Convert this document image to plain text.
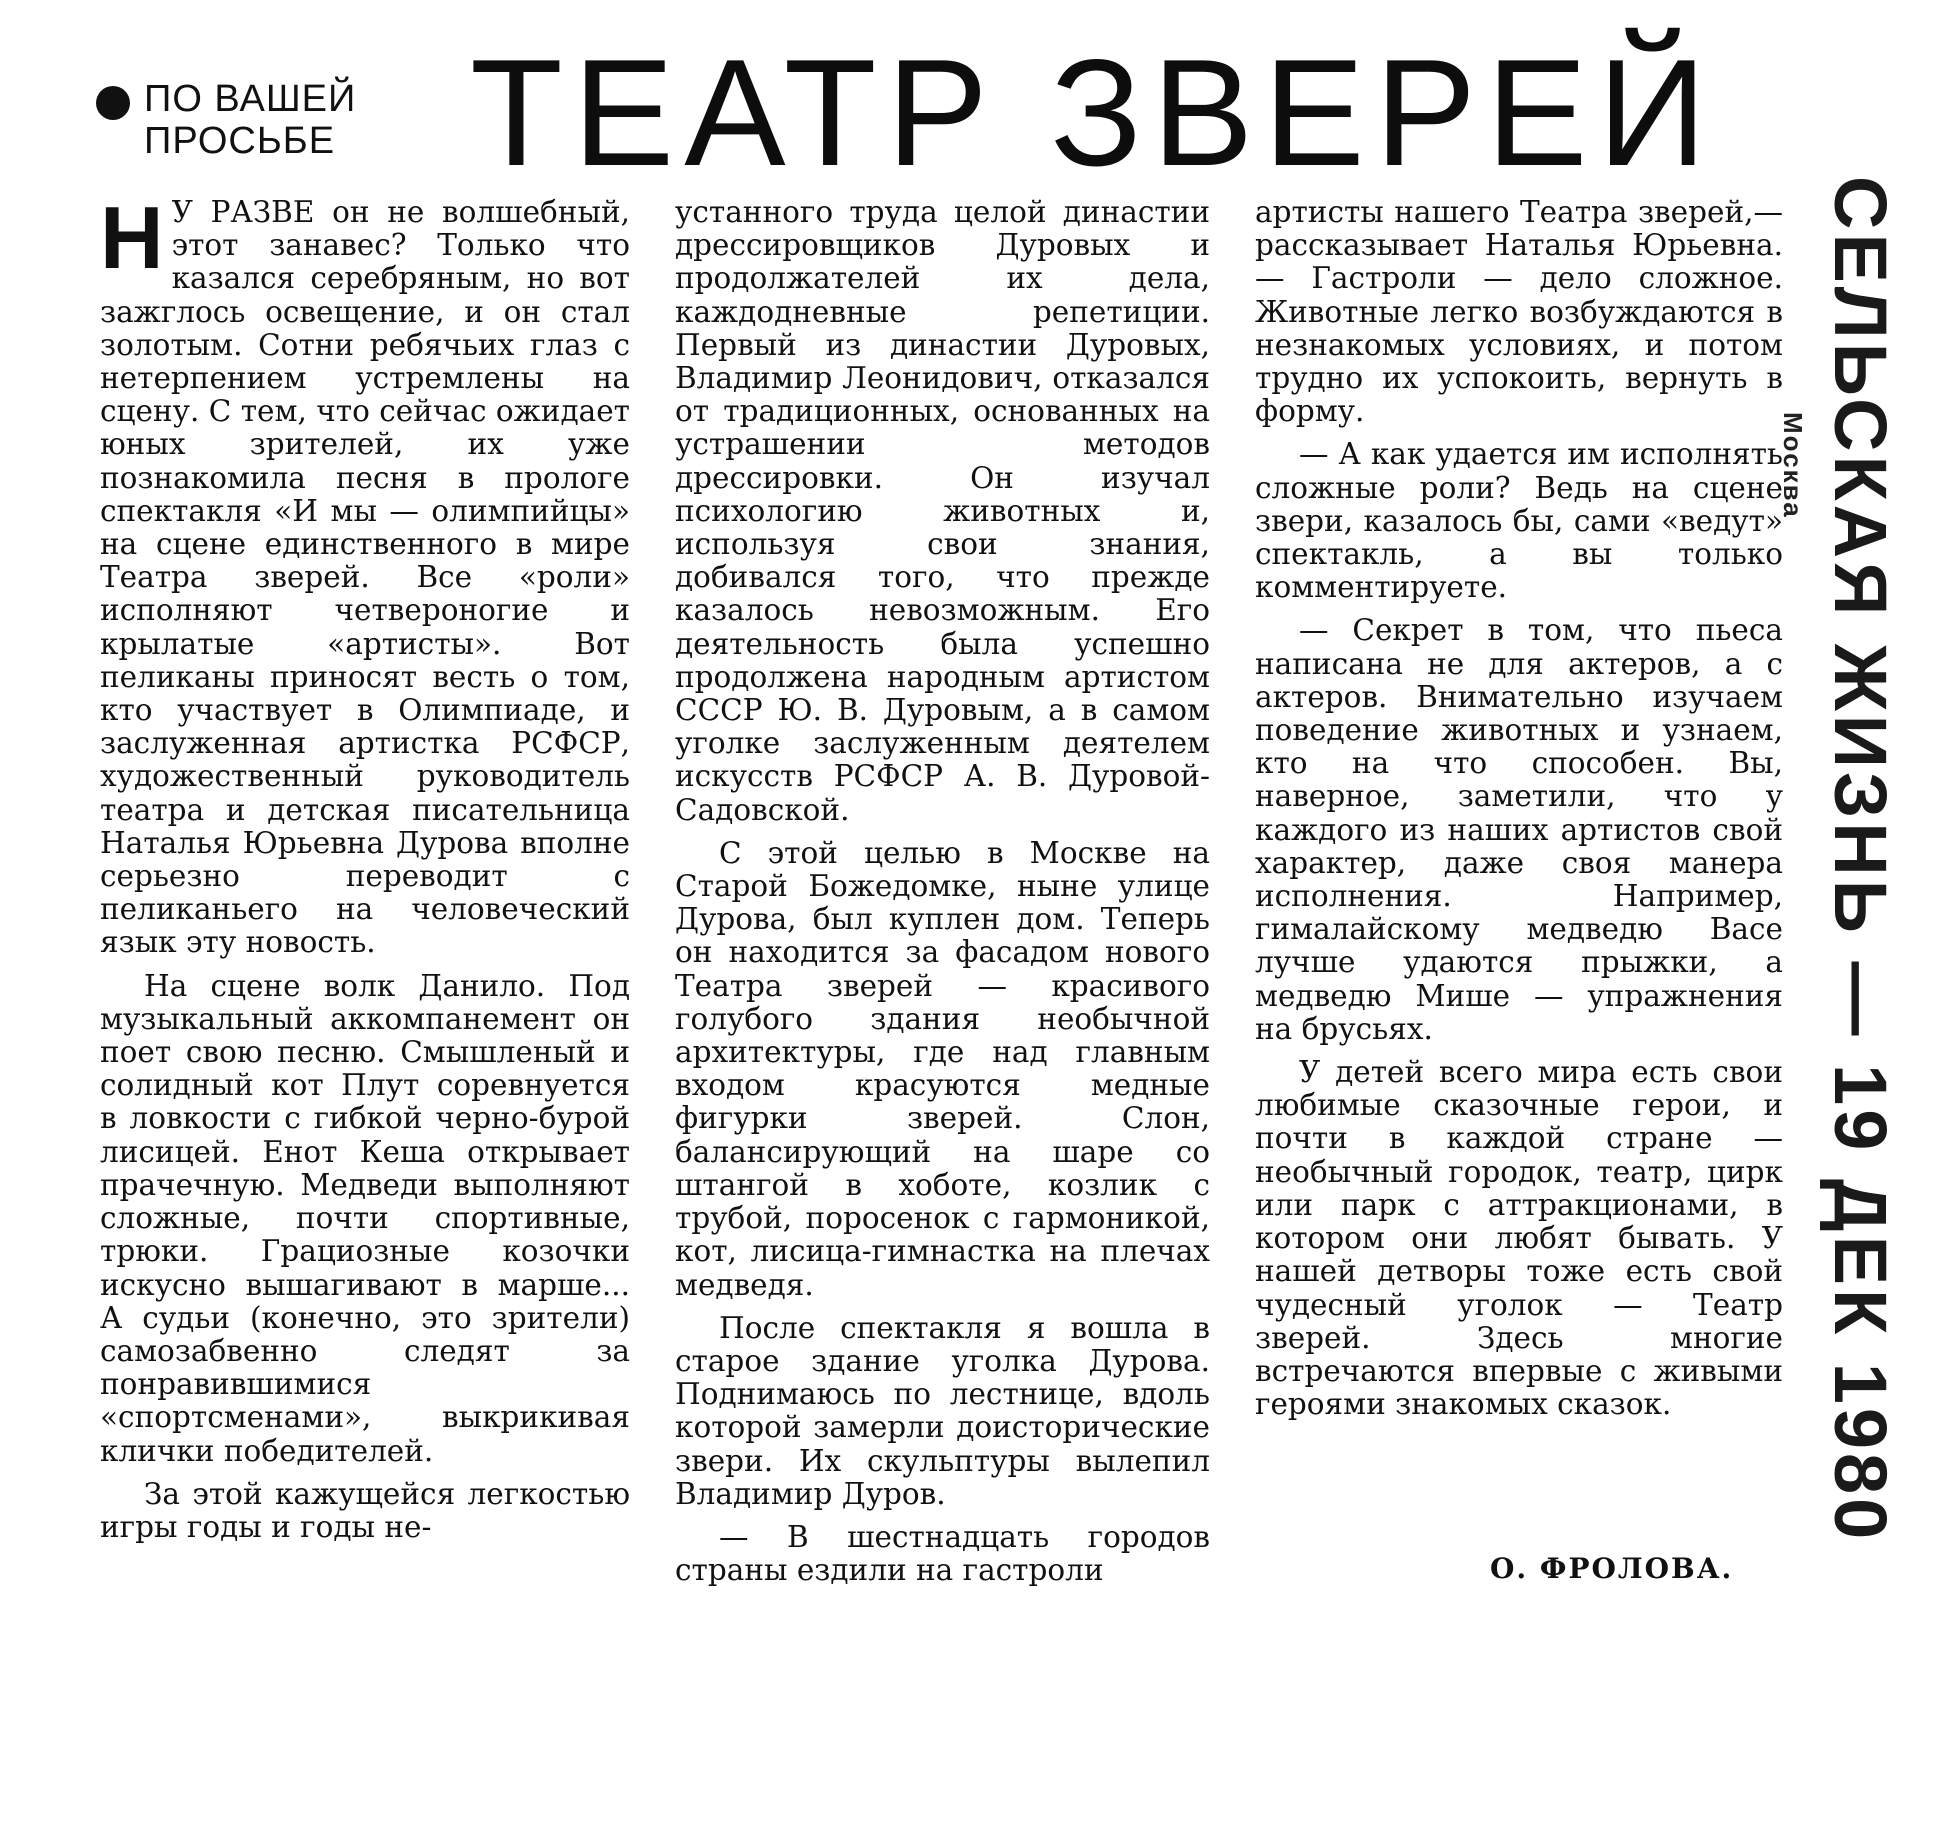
ПО ВАШЕЙ
ПРОСЬБЕ ТЕАТР ЗВЕРЕЙ

Н У РАЗВЕ он не волшебный, этот занавес? Только что казался серебряным, но вот зажглось освещение, и он стал золотым. Сотни ребячьих глаз с нетерпением устремлены на сцену. С тем, что сейчас ожидает юных зрителей, их уже познакомила песня в прологе спектакля «И мы — олимпийцы» на сцене единственного в мире Театра зверей. Все «роли» исполняют четвероногие и крылатые «артисты». Вот пеликаны приносят весть о том, кто участвует в Олимпиаде, и заслуженная артистка РСФСР, художественный руководитель театра и детская писательница Наталья Юрьевна Дурова вполне серьезно переводит с пеликаньего на человеческий язык эту новость.

На сцене волк Данило. Под музыкальный аккомпанемент он поет свою песню. Смышленый и солидный кот Плут соревнуется в ловкости с гибкой черно-бурой лисицей. Енот Кеша открывает прачечную. Медведи выполняют сложные, почти спортивные, трюки. Грациозные козочки искусно вышагивают в марше... А судьи (конечно, это зрители) самозабвенно следят за понравившимися «спортсменами», выкрикивая клички победителей.

За этой кажущейся легкостью игры годы и годы не-

устанного труда целой династии дрессировщиков Дуровых и продолжателей их дела, каждодневные репетиции. Первый из династии Дуровых, Владимир Леонидович, отказался от традиционных, основанных на устрашении методов дрессировки. Он изучал психологию животных и, используя свои знания, добивался того, что прежде казалось невозможным. Его деятельность была успешно продолжена народным артистом СССР Ю. В. Дуровым, а в самом уголке заслуженным деятелем искусств РСФСР А. В. Дуровой-Садовской.

С этой целью в Москве на Старой Божедомке, ныне улице Дурова, был куплен дом. Теперь он находится за фасадом нового Театра зверей — красивого голубого здания необычной архитектуры, где над главным входом красуются медные фигурки зверей. Слон, балансирующий на шаре со штангой в хоботе, козлик с трубой, поросенок с гармоникой, кот, лисица-гимнастка на плечах медведя.

После спектакля я вошла в старое здание уголка Дурова. Поднимаюсь по лестнице, вдоль которой замерли доисторические звери. Их скульптуры вылепил Владимир Дуров.

— В шестнадцать городов страны ездили на гастроли

артисты нашего Театра зверей,— рассказывает Наталья Юрьевна.— Гастроли — дело сложное. Животные легко возбуждаются в незнакомых условиях, и потом трудно их успокоить, вернуть в форму.

— А как удается им исполнять сложные роли? Ведь на сцене звери, казалось бы, сами «ведут» спектакль, а вы только комментируете.

— Секрет в том, что пьеса написана не для актеров, а с актеров. Внимательно изучаем поведение животных и узнаем, кто на что способен. Вы, наверное, заметили, что у каждого из наших артистов свой характер, даже своя манера исполнения. Например, гималайскому медведю Васе лучше удаются прыжки, а медведю Мише — упражнения на брусьях.

У детей всего мира есть свои любимые сказочные герои, и почти в каждой стране — необычный городок, театр, цирк или парк с аттракционами, в котором они любят бывать. У нашей детворы тоже есть свой чудесный уголок — Театр зверей. Здесь многие встречаются впервые с живыми героями знакомых сказок.

О. ФРОЛОВА.
СЕЛЬСКАЯ ЖИЗНЬ — 19 ДЕК 1980
Москва
